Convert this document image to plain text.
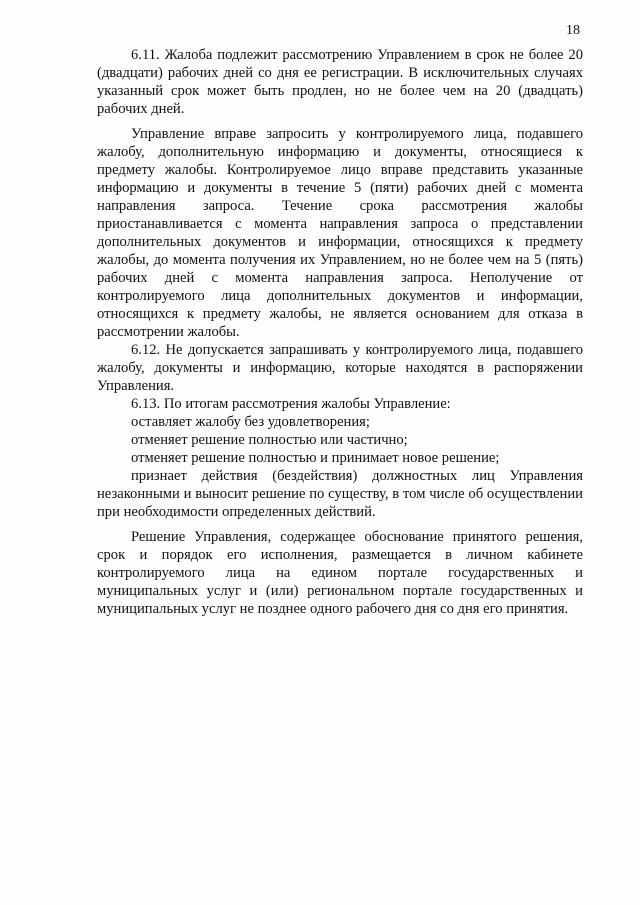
18

6.11. Жалоба подлежит рассмотрению Управлением в срок не более 20 (двадцати) рабочих дней со дня ее регистрации. В исключительных случаях указанный срок может быть продлен, но не более чем на 20 (двадцать) рабочих дней.

Управление вправе запросить у контролируемого лица, подавшего жалобу, дополнительную информацию и документы, относящиеся к предмету жалобы. Контролируемое лицо вправе представить указанные информацию и документы в течение 5 (пяти) рабочих дней с момента направления запроса. Течение срока рассмотрения жалобы приостанавливается с момента направления запроса о представлении дополнительных документов и информации, относящихся к предмету жалобы, до момента получения их Управлением, но не более чем на 5 (пять) рабочих дней с момента направления запроса. Неполучение от контролируемого лица дополнительных документов и информации, относящихся к предмету жалобы, не является основанием для отказа в рассмотрении жалобы.

6.12. Не допускается запрашивать у контролируемого лица, подавшего жалобу, документы и информацию, которые находятся в распоряжении Управления.

6.13. По итогам рассмотрения жалобы Управление:

оставляет жалобу без удовлетворения;

отменяет решение полностью или частично;

отменяет решение полностью и принимает новое решение;

признает действия (бездействия) должностных лиц Управления незаконными и выносит решение по существу, в том числе об осуществлении при необходимости определенных действий.

Решение Управления, содержащее обоснование принятого решения, срок и порядок его исполнения, размещается в личном кабинете контролируемого лица на едином портале государственных и муниципальных услуг и (или) региональном портале государственных и муниципальных услуг не позднее одного рабочего дня со дня его принятия.
